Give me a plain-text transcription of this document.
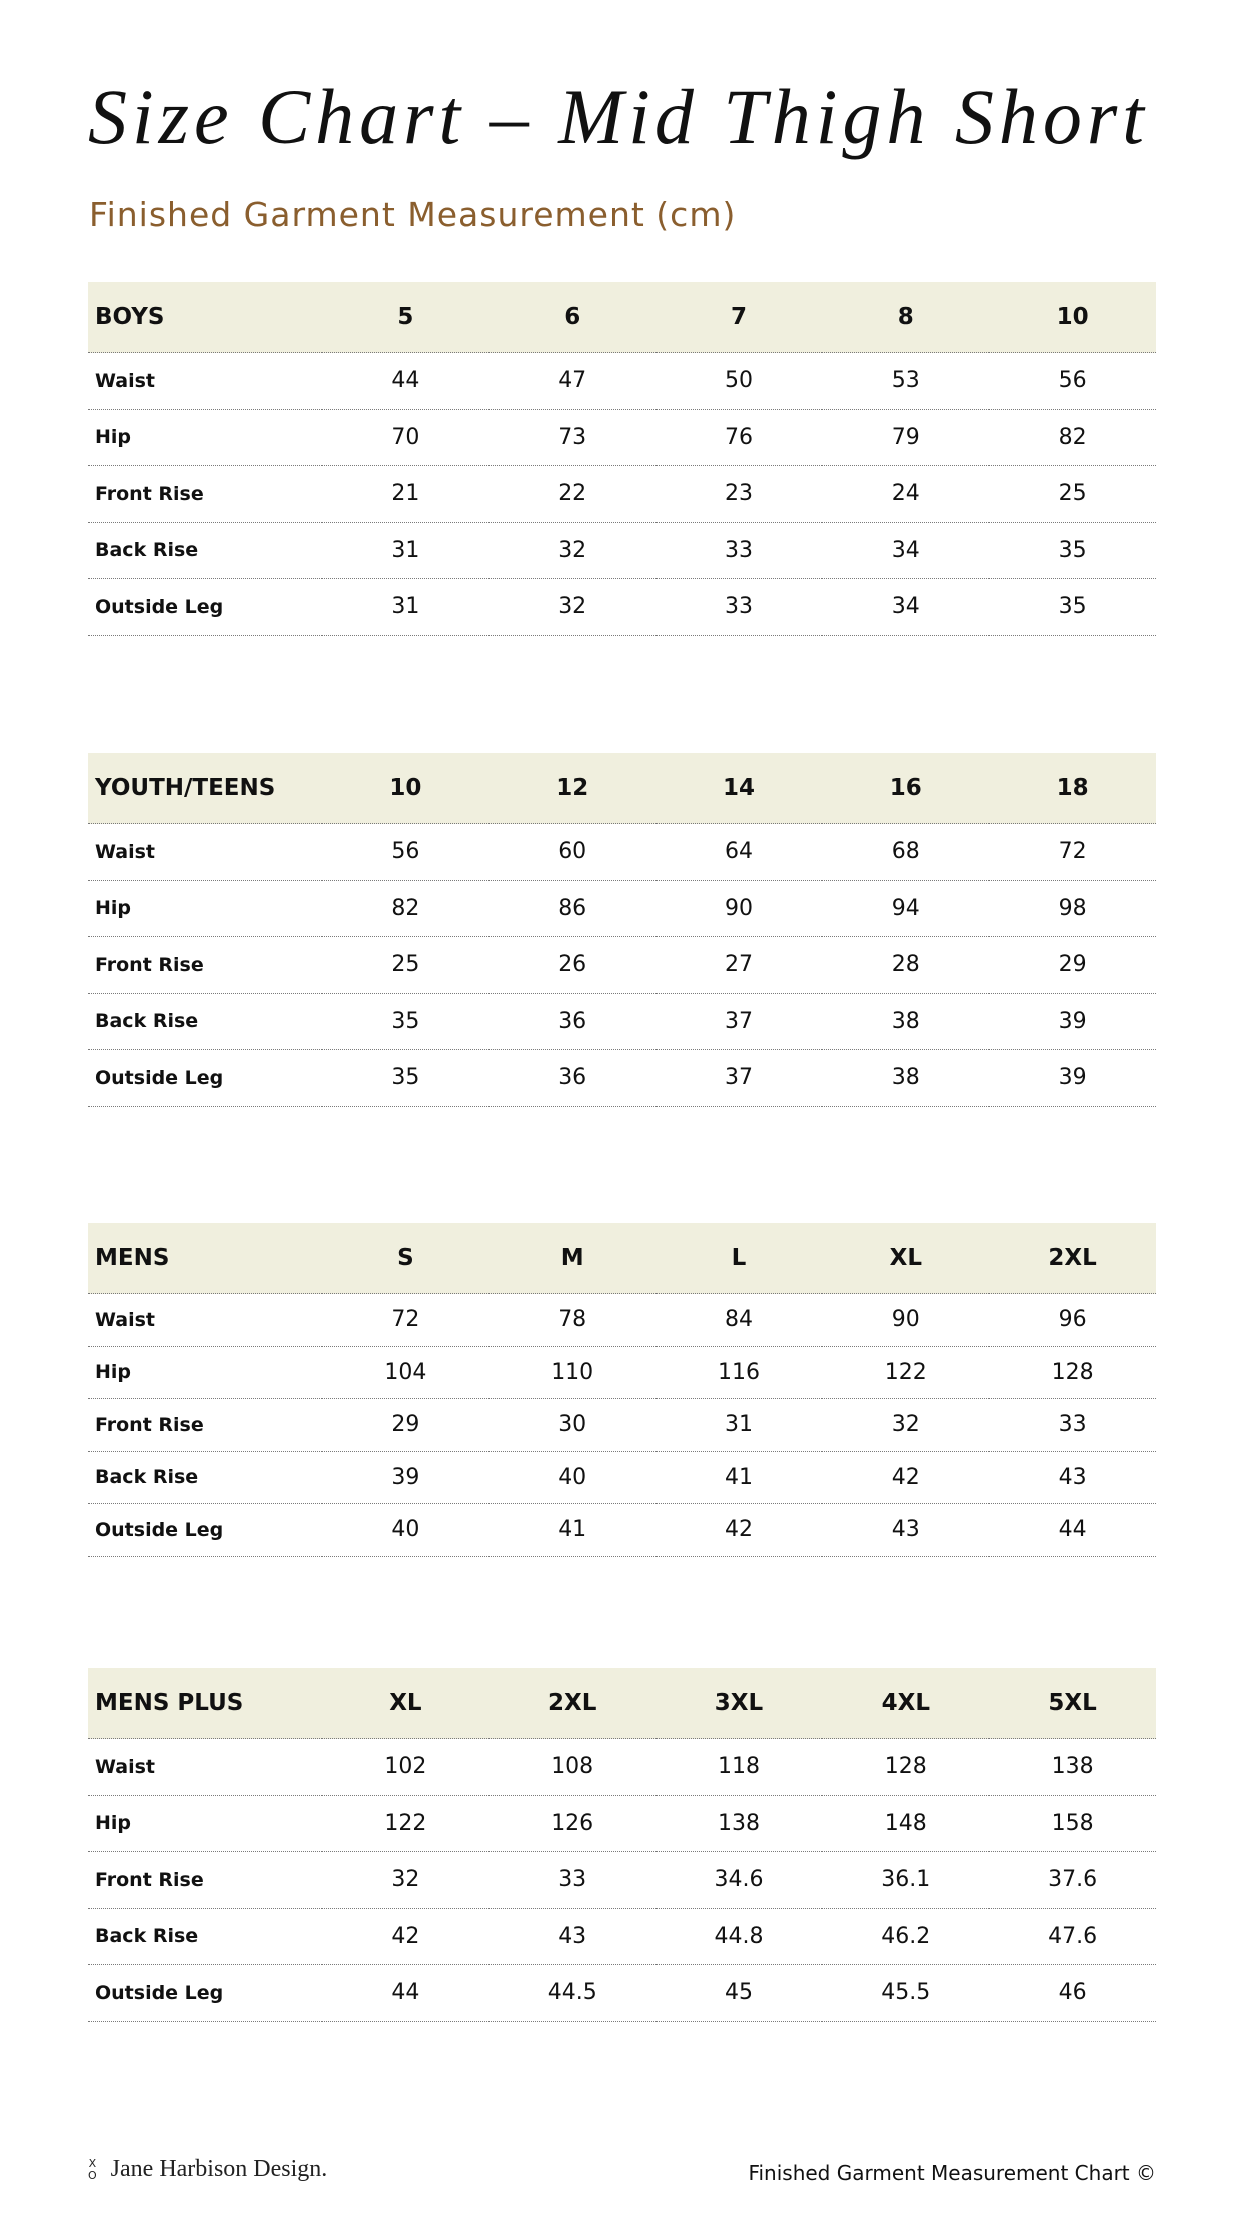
Size Chart – Mid Thigh Short
Finished Garment Measurement (cm)
BOYS	5	6	7	8	10
Waist	44	47	50	53	56
Hip	70	73	76	79	82
Front Rise	21	22	23	24	25
Back Rise	31	32	33	34	35
Outside Leg	31	32	33	34	35
YOUTH/TEENS	10	12	14	16	18
Waist	56	60	64	68	72
Hip	82	86	90	94	98
Front Rise	25	26	27	28	29
Back Rise	35	36	37	38	39
Outside Leg	35	36	37	38	39
MENS	S	M	L	XL	2XL
Waist	72	78	84	90	96
Hip	104	110	116	122	128
Front Rise	29	30	31	32	33
Back Rise	39	40	41	42	43
Outside Leg	40	41	42	43	44
MENS PLUS	XL	2XL	3XL	4XL	5XL
Waist	102	108	118	128	138
Hip	122	126	138	148	158
Front Rise	32	33	34.6	36.1	37.6
Back Rise	42	43	44.8	46.2	47.6
Outside Leg	44	44.5	45	45.5	46
X
O Jane Harbison Design.	Finished Garment Measurement Chart ©
